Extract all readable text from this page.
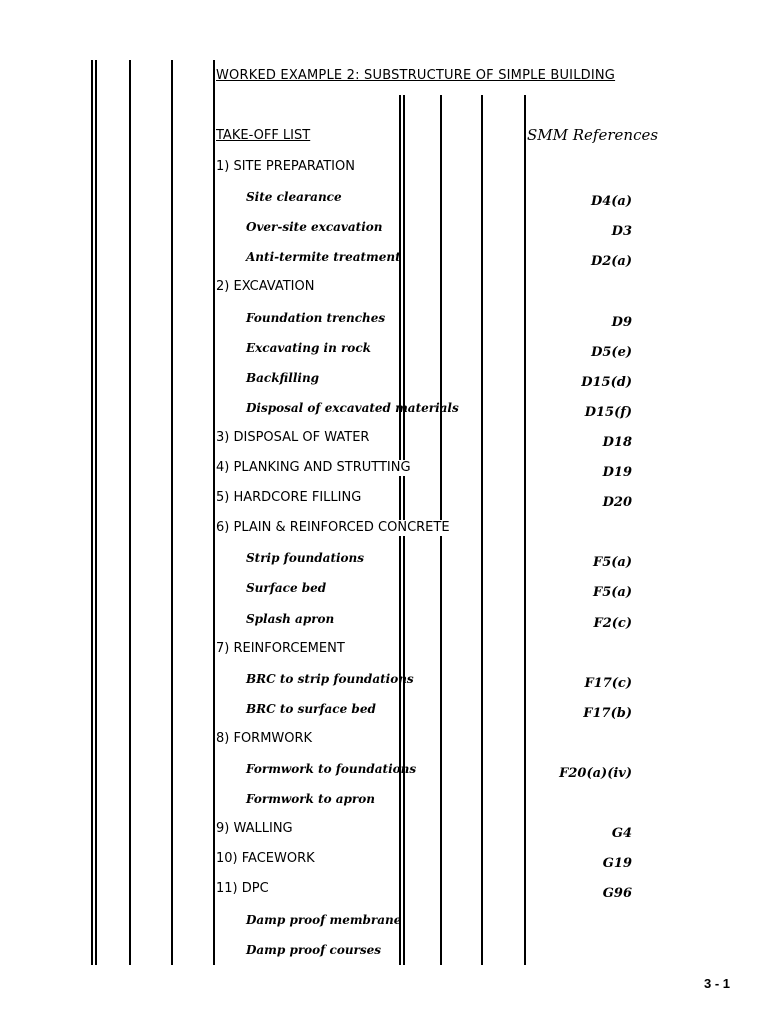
WORKED EXAMPLE 2: SUBSTRUCTURE OF SIMPLE BUILDING
TAKE-OFF LIST	SMM References
1) SITE PREPARATION
Site clearance	D4(a)
Over-site excavation	D3
Anti-termite treatment	D2(a)
2) EXCAVATION
Foundation trenches	D9
Excavating in rock	D5(e)
Backfilling	D15(d)
Disposal of excavated materials	D15(f)
3) DISPOSAL OF WATER	D18
4) PLANKING AND STRUTTING	D19
5) HARDCORE FILLING	D20
6) PLAIN & REINFORCED CONCRETE
Strip foundations	F5(a)
Surface bed	F5(a)
Splash apron	F2(c)
7) REINFORCEMENT
BRC to strip foundations	F17(c)
BRC to surface bed	F17(b)
8) FORMWORK
Formwork to foundations	F20(a)(iv)
Formwork to apron
9) WALLING	G4
10) FACEWORK	G19
11) DPC	G96
Damp proof membrane
Damp proof courses
3 - 1
